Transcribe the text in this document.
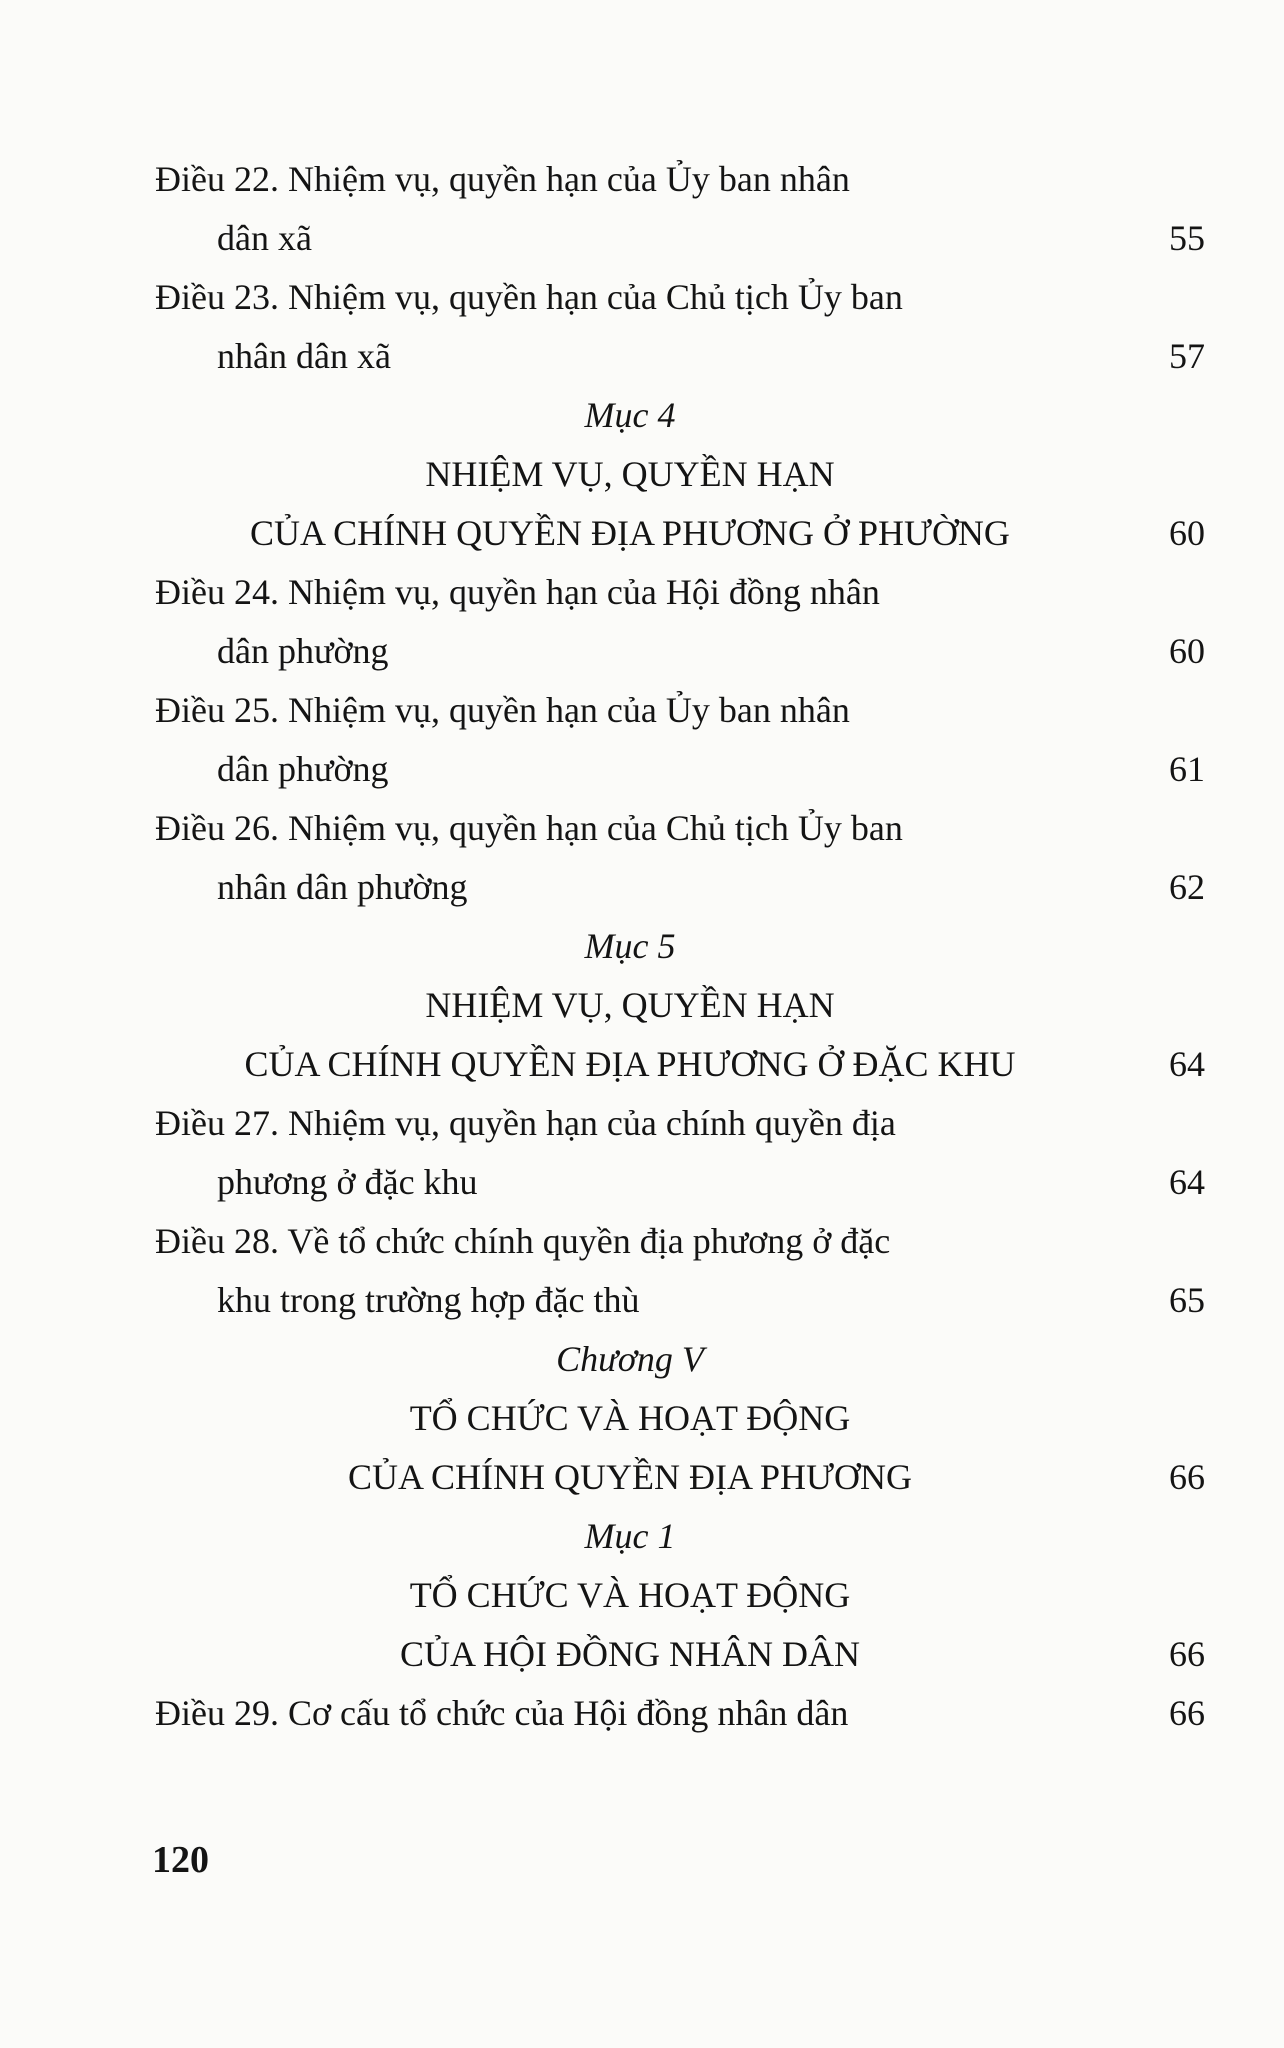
Điều 22. Nhiệm vụ, quyền hạn của Ủy ban nhân
dân xã	55
Điều 23. Nhiệm vụ, quyền hạn của Chủ tịch Ủy ban
nhân dân xã	57
Mục 4
NHIỆM VỤ, QUYỀN HẠN
CỦA CHÍNH QUYỀN ĐỊA PHƯƠNG Ở PHƯỜNG	60
Điều 24. Nhiệm vụ, quyền hạn của Hội đồng nhân
dân phường	60
Điều 25. Nhiệm vụ, quyền hạn của Ủy ban nhân
dân phường	61
Điều 26. Nhiệm vụ, quyền hạn của Chủ tịch Ủy ban
nhân dân phường	62
Mục 5
NHIỆM VỤ, QUYỀN HẠN
CỦA CHÍNH QUYỀN ĐỊA PHƯƠNG Ở ĐẶC KHU	64
Điều 27. Nhiệm vụ, quyền hạn của chính quyền địa
phương ở đặc khu	64
Điều 28. Về tổ chức chính quyền địa phương ở đặc
khu trong trường hợp đặc thù	65
Chương V
TỔ CHỨC VÀ HOẠT ĐỘNG
CỦA CHÍNH QUYỀN ĐỊA PHƯƠNG	66
Mục 1
TỔ CHỨC VÀ HOẠT ĐỘNG
CỦA HỘI ĐỒNG NHÂN DÂN	66
Điều 29. Cơ cấu tổ chức của Hội đồng nhân dân	66
120
